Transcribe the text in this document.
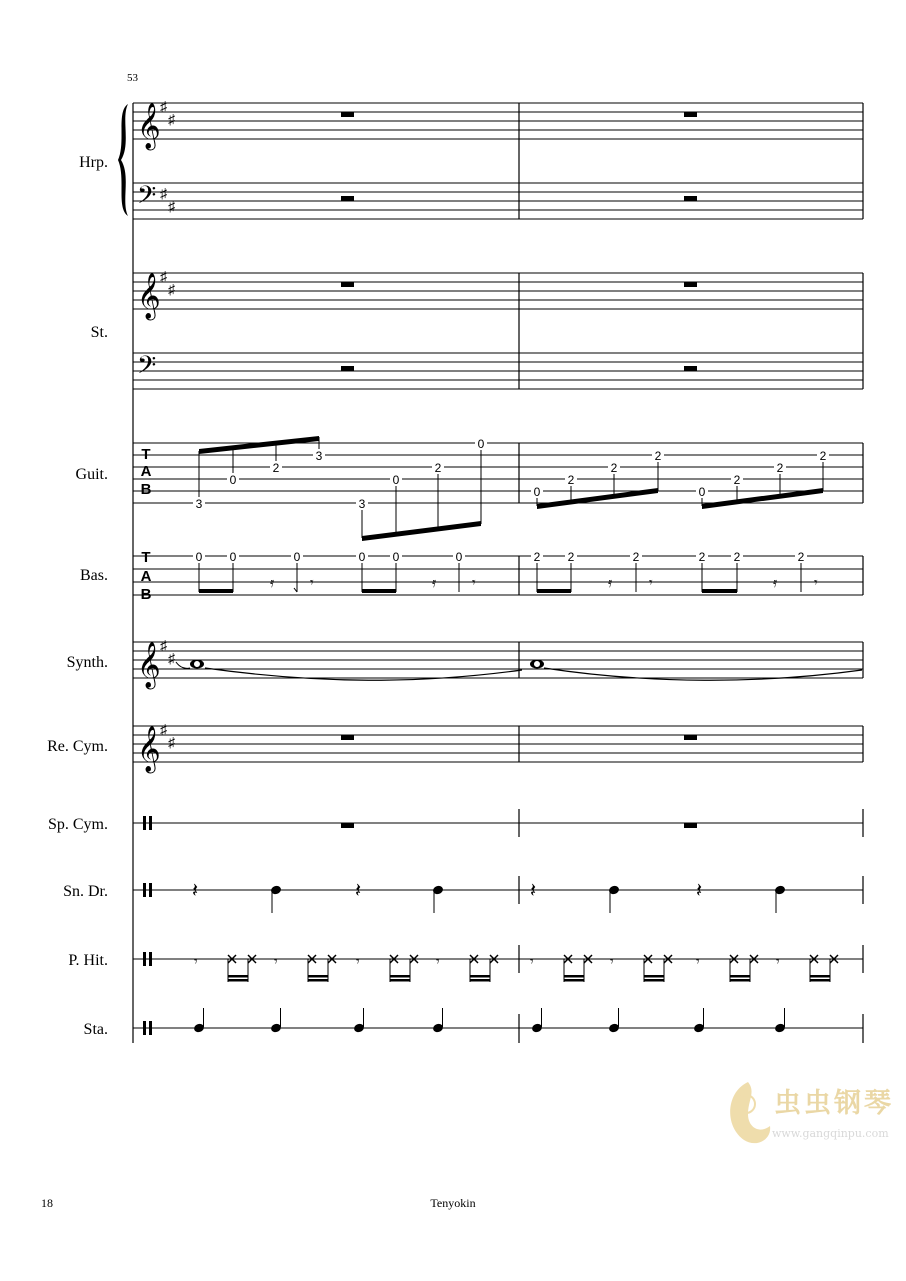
53
Hrp.
𝄞 ♯
♯
𝄢 ♯
♯
St.
𝄞 ♯
♯
𝄢
Guit.
T
A
B
3
0
2
3
3
0
2
0
0
2
2
2
0
2
2
2
Bas.
T
A
B
𝄿	𝄾	𝄿	𝄾
0 0	0	0 0	0
𝄿	𝄾	𝄿	𝄾
2 2	2	2 2	2
Synth. 𝄞 ♯
♯
Re. Cym. 𝄞 ♯
♯
Sp. Cym.
Sn. Dr.	𝄽	𝄽	𝄽	𝄽
P. Hit.	𝄾	𝄾	𝄾	𝄾	𝄾	𝄾	𝄾	𝄾
Sta.
虫虫钢琴
www.gangqinpu.com
18	Tenyokin
